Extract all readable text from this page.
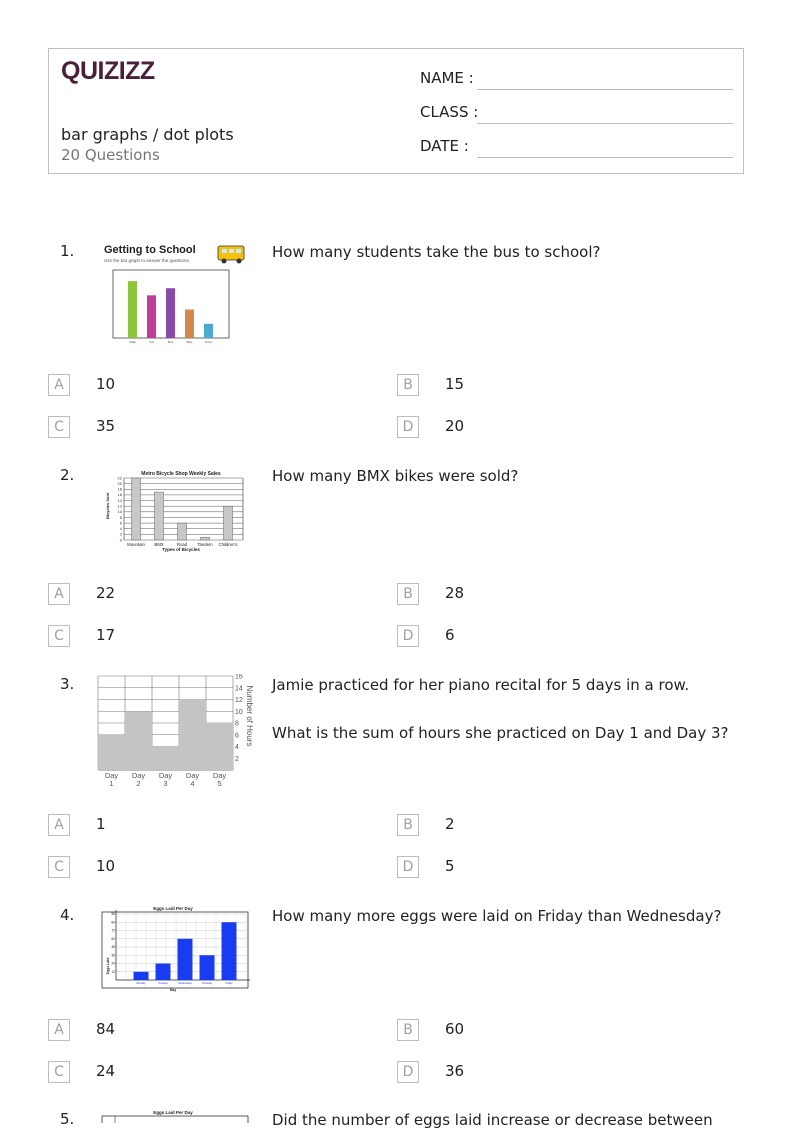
QUIZIZZ
bar graphs / dot plots
20 Questions
NAME :
CLASS :
DATE :
1.	Getting to School
Use the bar graph to answer the questions.
Walk	Car	Bus	Bike	Other
How many students take the bus to school?
A	10	B	15
C	35	D	20
2.	Metro Bicycle Shop Weekly Sales
0
2
4
6
8
10
12
14
16
18
20
22
Mountain BMX	Road Tandem Children's
Types of Bicycles
Bicycles Sold
How many BMX bikes were sold?
A	22	B	28
C	17	D	6
3.
2
4
6
8
10
12
14
16
Day
1
Day
2
Day
3
Day
4
Day
5
Number of Hours
Jamie practiced for her piano recital for 5 days in a row.
What is the sum of hours she practiced on Day 1 and Day 3?
A	1	B	2
C	10	D	5
4.	Eggs Laid Per Day
12
24
36
48
60
72
84
96
Monday	Tuesday	Wednesday	Thursday	Friday
Day
Eggs Laid
How many more eggs were laid on Friday than Wednesday?
A	84	B	60
C	24	D	36
5.	Eggs Laid Per Day	Did the number of eggs laid increase or decrease between
